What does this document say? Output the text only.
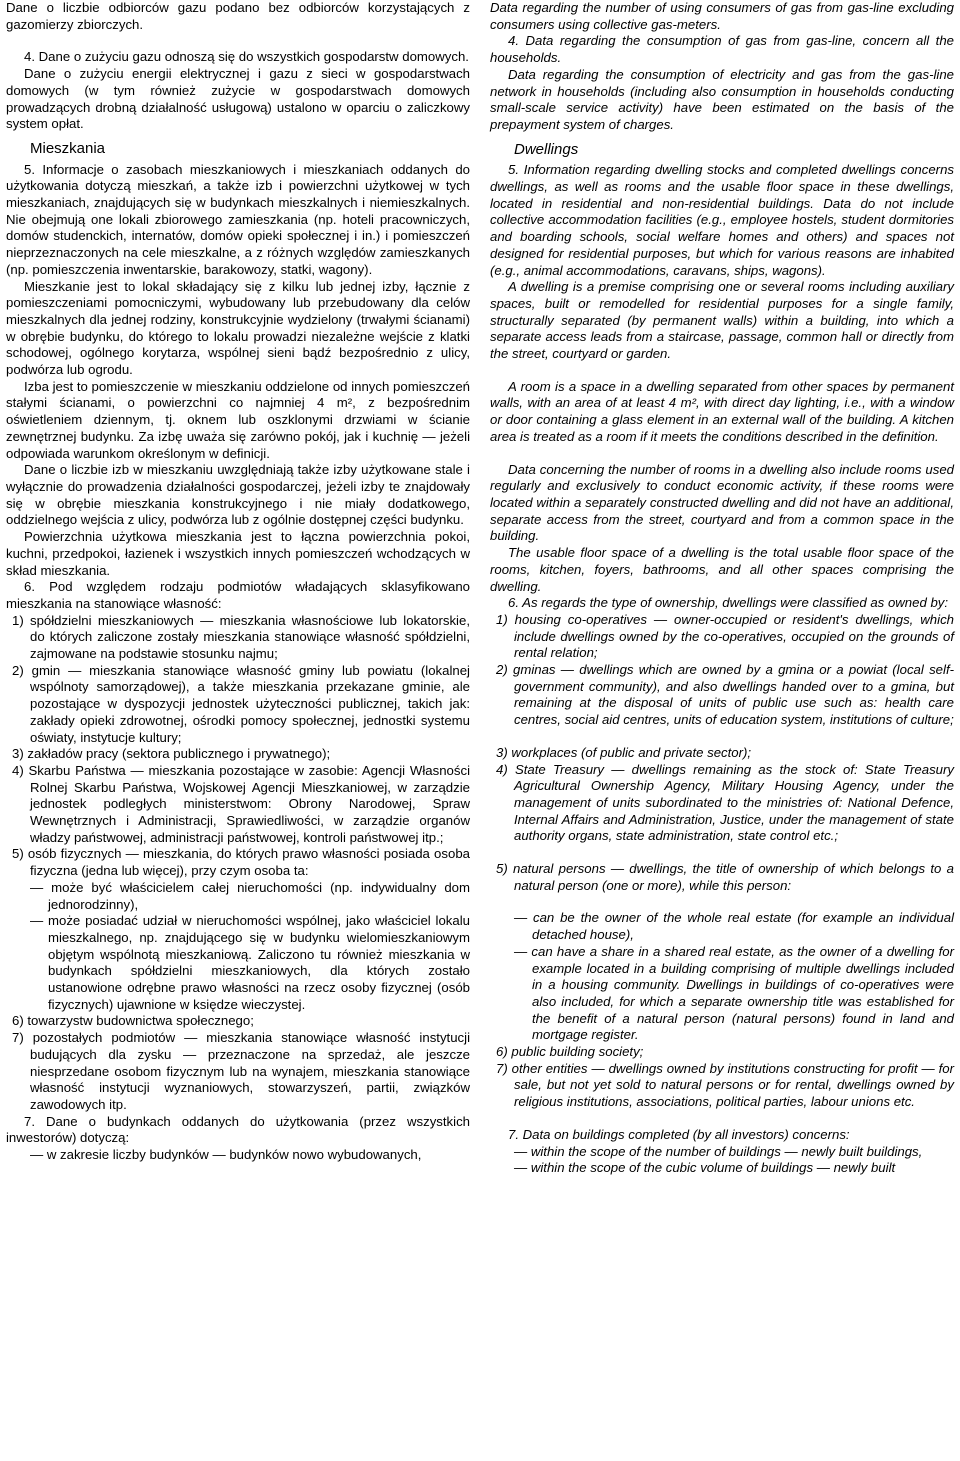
Dane o liczbie odbiorców gazu podano bez odbiorców korzystających z gazomierzy zbiorczych.

4. Dane o zużyciu gazu odnoszą się do wszystkich gospodarstw domowych.

Dane o zużyciu energii elektrycznej i gazu z sieci w gospodarstwach domowych (w tym również zużycie w gospodarstwach domowych prowadzących drobną działalność usługową) ustalono w oparciu o zaliczkowy system opłat.

Mieszkania

5. Informacje o zasobach mieszkaniowych i mieszkaniach oddanych do użytkowania dotyczą mieszkań, a także izb i powierzchni użytkowej w tych mieszkaniach, znajdujących się w budynkach mieszkalnych i niemieszkalnych. Nie obejmują one lokali zbiorowego zamieszkania (np. hoteli pracowniczych, domów studenckich, internatów, domów opieki społecznej i in.) i pomieszczeń nieprzeznaczonych na cele mieszkalne, a z różnych względów zamieszkanych (np. pomieszczenia inwentarskie, barakowozy, statki, wagony).

Mieszkanie jest to lokal składający się z kilku lub jednej izby, łącznie z pomieszczeniami pomocniczymi, wybudowany lub przebudowany dla celów mieszkalnych dla jednej rodziny, konstrukcyjnie wydzielony (trwałymi ścianami) w obrębie budynku, do którego to lokalu prowadzi niezależne wejście z klatki schodowej, ogólnego korytarza, wspólnej sieni bądź bezpośrednio z ulicy, podwórza lub ogrodu.

Izba jest to pomieszczenie w mieszkaniu oddzielone od innych pomieszczeń stałymi ścianami, o powierzchni co najmniej 4 m², z bezpośrednim oświetleniem dziennym, tj. oknem lub oszklonymi drzwiami w ścianie zewnętrznej budynku. Za izbę uważa się zarówno pokój, jak i kuchnię — jeżeli odpowiada warunkom określonym w definicji.

Dane o liczbie izb w mieszkaniu uwzględniają także izby użytkowane stale i wyłącznie do prowadzenia działalności gospodarczej, jeżeli izby te znajdowały się w obrębie mieszkania konstrukcyjnego i nie miały dodatkowego, oddzielnego wejścia z ulicy, podwórza lub z ogólnie dostępnej części budynku.

Powierzchnia użytkowa mieszkania jest to łączna powierzchnia pokoi, kuchni, przedpokoi, łazienek i wszystkich innych pomieszczeń wchodzących w skład mieszkania.

6. Pod względem rodzaju podmiotów władających sklasyfikowano mieszkania na stanowiące własność:

1) spółdzielni mieszkaniowych — mieszkania własnościowe lub lokatorskie, do których zaliczone zostały mieszkania stanowiące własność spółdzielni, zajmowane na podstawie stosunku najmu;

2) gmin — mieszkania stanowiące własność gminy lub powiatu (lokalnej wspólnoty samorządowej), a także mieszkania przekazane gminie, ale pozostające w dyspozycji jednostek użyteczności publicznej, takich jak: zakłady opieki zdrowotnej, ośrodki pomocy społecznej, jednostki systemu oświaty, instytucje kultury;

3) zakładów pracy (sektora publicznego i prywatnego);

4) Skarbu Państwa — mieszkania pozostające w zasobie: Agencji Własności Rolnej Skarbu Państwa, Wojskowej Agencji Mieszkaniowej, w zarządzie jednostek podległych ministerstwom: Obrony Narodowej, Spraw Wewnętrznych i Administracji, Sprawiedliwości, w zarządzie organów władzy państwowej, administracji państwowej, kontroli państwowej itp.;

5) osób fizycznych — mieszkania, do których prawo własności posiada osoba fizyczna (jedna lub więcej), przy czym osoba ta:

— może być właścicielem całej nieruchomości (np. indywidualny dom jednorodzinny),

— może posiadać udział w nieruchomości wspólnej, jako właściciel lokalu mieszkalnego, np. znajdującego się w budynku wielomieszkaniowym objętym wspólnotą mieszkaniową. Zaliczono tu również mieszkania w budynkach spółdzielni mieszkaniowych, dla których zostało ustanowione odrębne prawo własności na rzecz osoby fizycznej (osób fizycznych) ujawnione w księdze wieczystej.

6) towarzystw budownictwa społecznego;

7) pozostałych podmiotów — mieszkania stanowiące własność instytucji budujących dla zysku — przeznaczone na sprzedaż, ale jeszcze niesprzedane osobom fizycznym lub na wynajem, mieszkania stanowiące własność instytucji wyznaniowych, stowarzyszeń, partii, związków zawodowych itp.

7. Dane o budynkach oddanych do użytkowania (przez wszystkich inwestorów) dotyczą:

— w zakresie liczby budynków — budynków nowo wybudowanych,

Data regarding the number of using consumers of gas from gas-line excluding consumers using collective gas-meters.

4. Data regarding the consumption of gas from gas-line, concern all the households.

Data regarding the consumption of electricity and gas from the gas-line network in households (including also consumption in households conducting small-scale service activity) have been estimated on the basis of the prepayment system of charges.

Dwellings

5. Information regarding dwelling stocks and completed dwellings concerns dwellings, as well as rooms and the usable floor space in these dwellings, located in residential and non-residential buildings. Data do not include collective accommodation facilities (e.g., employee hostels, student dormitories and boarding schools, social welfare homes and others) and spaces not designed for residential purposes, but which for various reasons are inhabited (e.g., animal accommodations, caravans, ships, wagons).

A dwelling is a premise comprising one or several rooms including auxiliary spaces, built or remodelled for residential purposes for a single family, structurally separated (by permanent walls) within a building, into which a separate access leads from a staircase, passage, common hall or directly from the street, courtyard or garden.

A room is a space in a dwelling separated from other spaces by permanent walls, with an area of at least 4 m², with direct day lighting, i.e., with a window or door containing a glass element in an external wall of the building. A kitchen area is treated as a room if it meets the conditions described in the definition.

Data concerning the number of rooms in a dwelling also include rooms used regularly and exclusively to conduct economic activity, if these rooms were located within a separately constructed dwelling and did not have an additional, separate access from the street, courtyard and from a common space in the building.

The usable floor space of a dwelling is the total usable floor space of the rooms, kitchen, foyers, bathrooms, and all other spaces comprising the dwelling.

6. As regards the type of ownership, dwellings were classified as owned by:

1) housing co-operatives — owner-occupied or resident's dwellings, which include dwellings owned by the co-operatives, occupied on the grounds of rental relation;

2) gminas — dwellings which are owned by a gmina or a powiat (local self-government community), and also dwellings handed over to a gmina, but remaining at the disposal of units of public use such as: health care centres, social aid centres, units of education system, institutions of culture;

3) workplaces (of public and private sector);

4) State Treasury — dwellings remaining as the stock of: State Treasury Agricultural Ownership Agency, Military Housing Agency, under the management of units subordinated to the ministries of: National Defence, Internal Affairs and Administration, Justice, under the management of state authority organs, state administration, state control etc.;

5) natural persons — dwellings, the title of ownership of which belongs to a natural person (one or more), while this person:

— can be the owner of the whole real estate (for example an individual detached house),

— can have a share in a shared real estate, as the owner of a dwelling for example located in a building comprising of multiple dwellings included in a housing community. Dwellings in buildings of co-operatives were also included, for which a separate ownership title was established for the benefit of a natural person (natural persons) found in land and mortgage register.

6) public building society;

7) other entities — dwellings owned by institutions constructing for profit — for sale, but not yet sold to natural persons or for rental, dwellings owned by religious institutions, associations, political parties, labour unions etc.

7. Data on buildings completed (by all investors) concerns:

— within the scope of the number of buildings — newly built buildings,

— within the scope of the cubic volume of buildings — newly built
